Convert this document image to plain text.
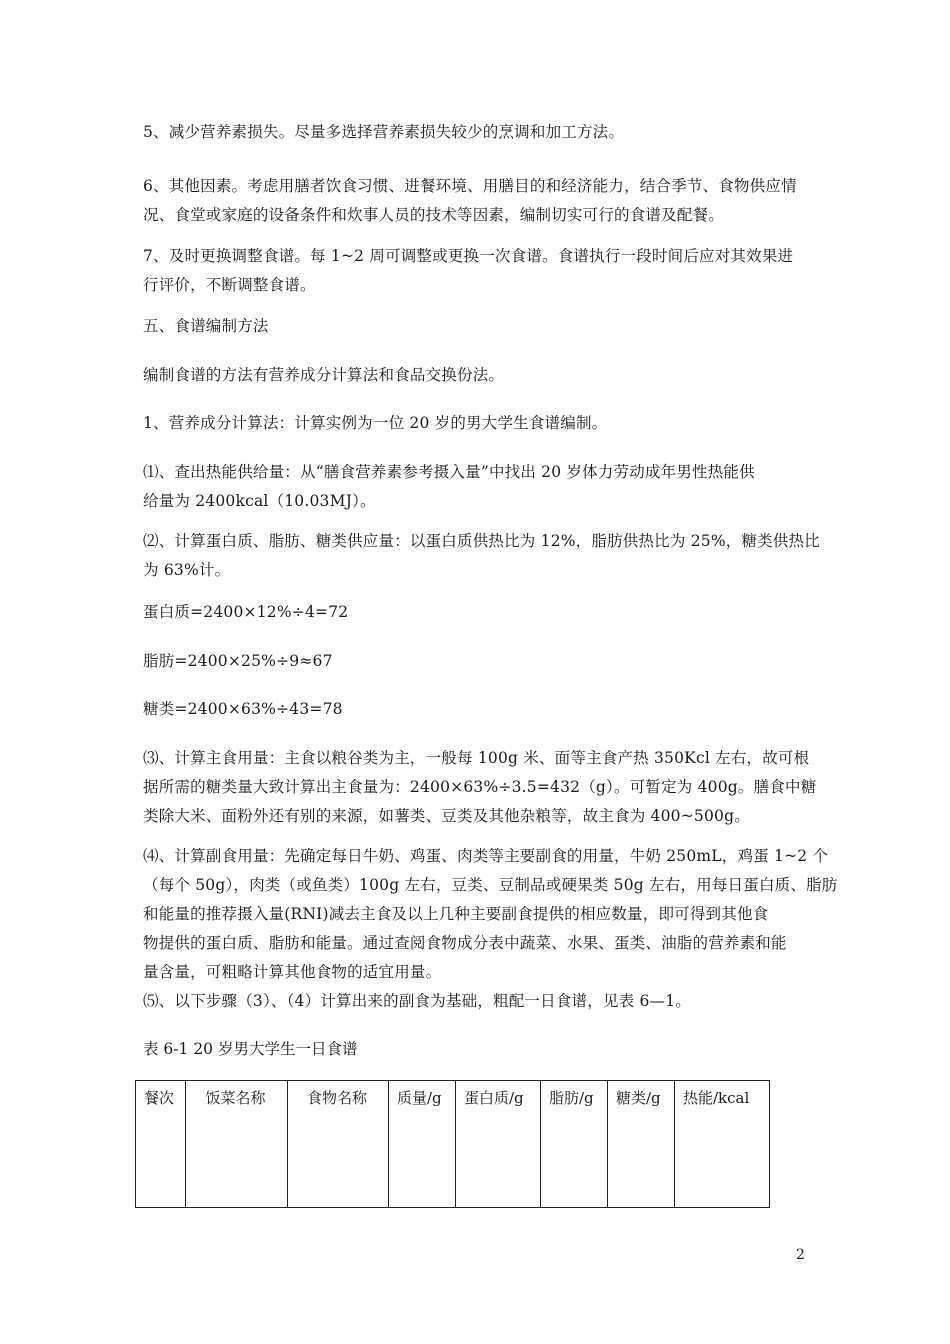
5、减少营养素损失。尽量多选择营养素损失较少的烹调和加工方法。

6、其他因素。考虑用膳者饮食习惯、进餐环境、用膳目的和经济能力，结合季节、食物供应情
况、食堂或家庭的设备条件和炊事人员的技术等因素，编制切实可行的食谱及配餐。

7、及时更换调整食谱。每 1~2 周可调整或更换一次食谱。食谱执行一段时间后应对其效果进
行评价，不断调整食谱。

五、食谱编制方法

编制食谱的方法有营养成分计算法和食品交换份法。

1、营养成分计算法：计算实例为一位 20 岁的男大学生食谱编制。

⑴、查出热能供给量：从“膳食营养素参考摄入量”中找出 20 岁体力劳动成年男性热能供
给量为 2400kcal（10.03MJ）。

⑵、计算蛋白质、脂肪、糖类供应量：以蛋白质供热比为 12%，脂肪供热比为 25%，糖类供热比
为 63%计。

蛋白质=2400×12%÷4=72

脂肪=2400×25%÷9≈67

糖类=2400×63%÷43=78

⑶、计算主食用量：主食以粮谷类为主，一般每 100g 米、面等主食产热 350Kcl 左右，故可根
据所需的糖类量大致计算出主食量为：2400×63%÷3.5=432（g）。可暂定为 400g。膳食中糖
类除大米、面粉外还有别的来源，如薯类、豆类及其他杂粮等，故主食为 400~500g。

⑷、计算副食用量：先确定每日牛奶、鸡蛋、肉类等主要副食的用量，牛奶 250mL，鸡蛋 1~2 个
（每个 50g），肉类（或鱼类）100g 左右，豆类、豆制品或硬果类 50g 左右，用每日蛋白质、脂肪
和能量的推荐摄入量(RNI)减去主食及以上几种主要副食提供的相应数量，即可得到其他食
物提供的蛋白质、脂肪和能量。通过查阅食物成分表中蔬菜、水果、蛋类、油脂的营养素和能
量含量，可粗略计算其他食物的适宜用量。

⑸、以下步骤（3）、（4）计算出来的副食为基础，粗配一日食谱，见表 6—1。

表 6-1 20 岁男大学生一日食谱
餐次	饭菜名称	食物名称	质量/g	蛋白质/g	脂肪/g	糖类/g	热能/kcal
2
